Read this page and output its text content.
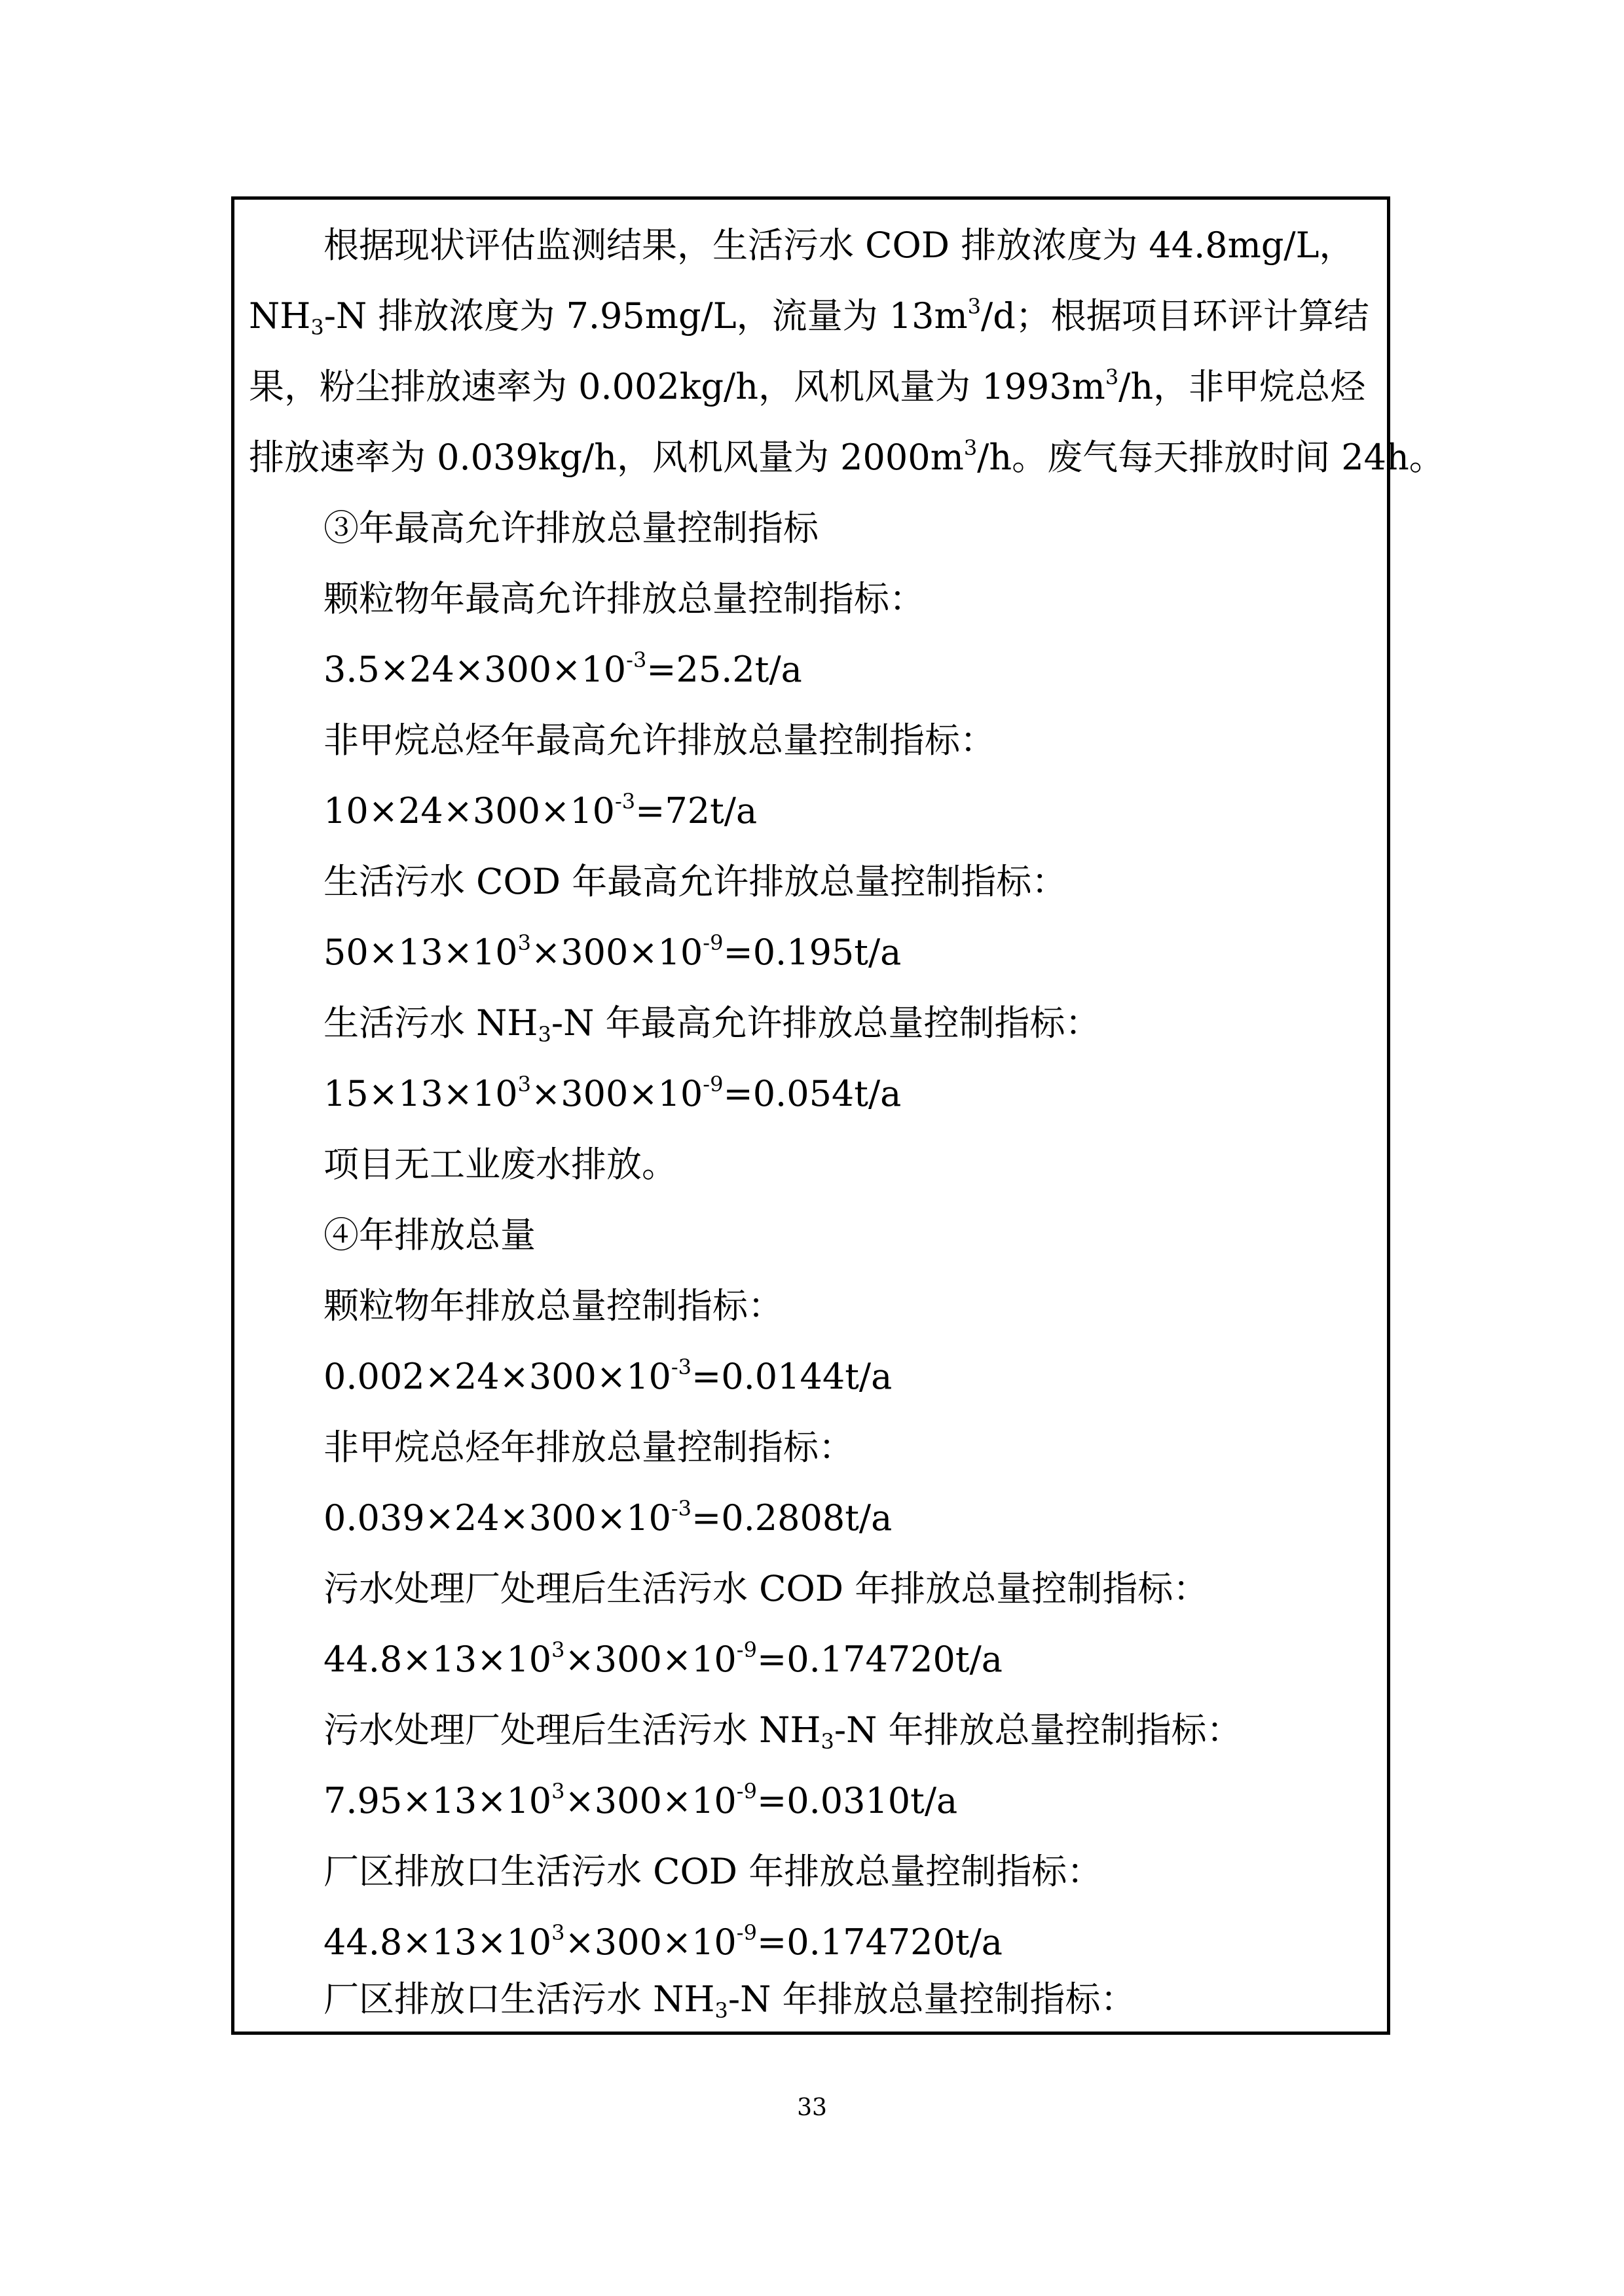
根据现状评估监测结果，生活污水 COD 排放浓度为 44.8mg/L，
$NH_3-N$ 排放浓度为 7.95mg/L，流量为 $13m^3/d$；根据项目环评计算结
果，粉尘排放速率为 0.002kg/h，风机风量为 $1993m^3/h$，非甲烷总烃
排放速率为 0.039kg/h，风机风量为 $2000m^3/h$。废气每天排放时间 24h。
③年最高允许排放总量控制指标
颗粒物年最高允许排放总量控制指标：
$3.5\times 24\times 300\times 10^{-3}=25.2t/a$
非甲烷总烃年最高允许排放总量控制指标：
$10\times 24\times 300\times 10^{-3}=72t/a$
生活污水 COD 年最高允许排放总量控制指标：
$50\times 13\times 10^3\times 300\times 10^{-9}=0.195t/a$
生活污水 $NH_3-N$ 年最高允许排放总量控制指标：
$15\times 13\times 10^3\times 300\times 10^{-9}=0.054t/a$
项目无工业废水排放。
④年排放总量
颗粒物年排放总量控制指标：
$0.002\times 24\times 300\times 10^{-3}=0.0144t/a$
非甲烷总烃年排放总量控制指标：
$0.039\times 24\times 300\times 10^{-3}=0.2808t/a$
污水处理厂处理后生活污水 COD 年排放总量控制指标：
$44.8\times 13\times 10^3\times 300\times 10^{-9}=0.174720t/a$
污水处理厂处理后生活污水 $NH_3-N$ 年排放总量控制指标：
$7.95\times 13\times 10^3\times 300\times 10^{-9}=0.0310t/a$
厂区排放口生活污水 COD 年排放总量控制指标：
$44.8\times 13\times 10^3\times 300\times 10^{-9}=0.174720t/a$
厂区排放口生活污水 $NH_3-N$ 年排放总量控制指标：
33
